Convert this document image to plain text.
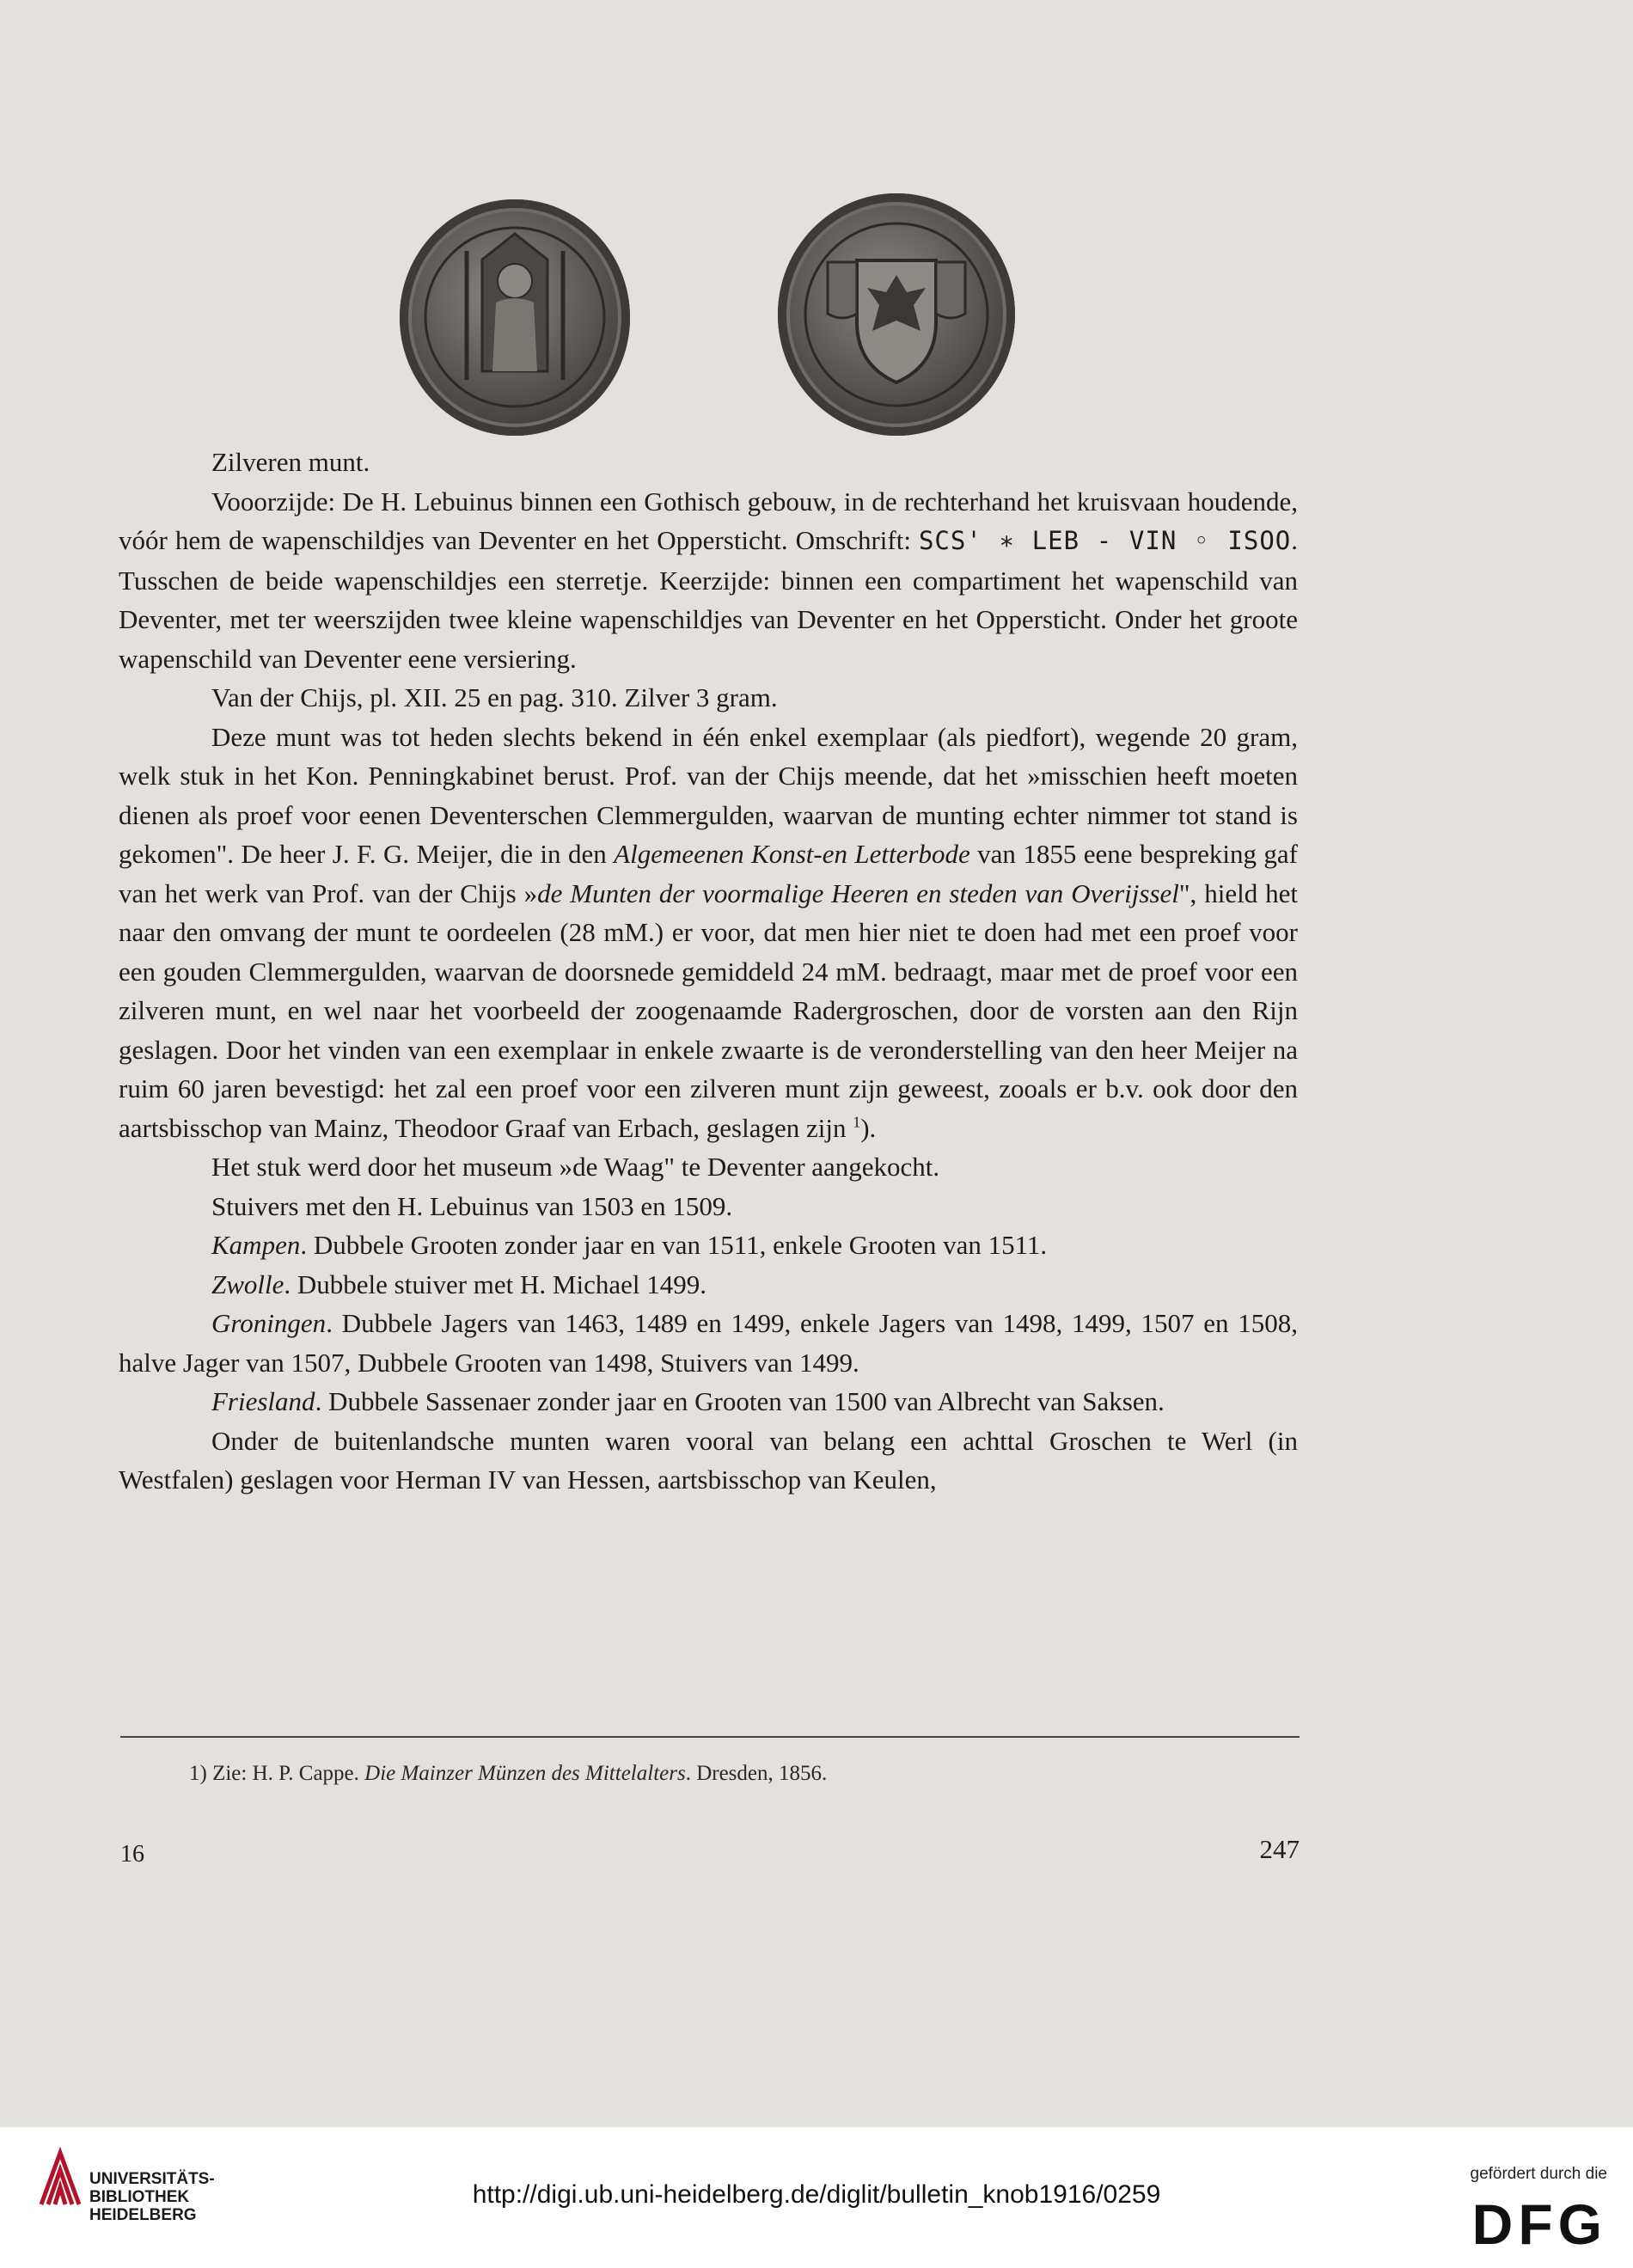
Zilveren munt.

Vooorzijde: De H. Lebuinus binnen een Gothisch gebouw, in de rechterhand het kruisvaan houdende, vóór hem de wapenschildjes van Deventer en het Oppersticht. Omschrift: SCS' ∗ LEB - VIN ◦ ISOO. Tusschen de beide wapenschildjes een sterretje. Keerzijde: binnen een compartiment het wapenschild van Deventer, met ter weerszijden twee kleine wapenschildjes van Deventer en het Oppersticht. Onder het groote wapenschild van Deventer eene versiering.

Van der Chijs, pl. XII. 25 en pag. 310. Zilver 3 gram.

Deze munt was tot heden slechts bekend in één enkel exemplaar (als piedfort), wegende 20 gram, welk stuk in het Kon. Penningkabinet berust. Prof. van der Chijs meende, dat het »misschien heeft moeten dienen als proef voor eenen Deventerschen Clemmergulden, waarvan de munting echter nimmer tot stand is gekomen". De heer J. F. G. Meijer, die in den Algemeenen Konst-en Letterbode van 1855 eene bespreking gaf van het werk van Prof. van der Chijs »de Munten der voormalige Heeren en steden van Overijssel", hield het naar den omvang der munt te oordeelen (28 mM.) er voor, dat men hier niet te doen had met een proef voor een gouden Clemmergulden, waarvan de doorsnede gemiddeld 24 mM. bedraagt, maar met de proef voor een zilveren munt, en wel naar het voorbeeld der zoogenaamde Radergroschen, door de vorsten aan den Rijn geslagen. Door het vinden van een exemplaar in enkele zwaarte is de veronderstelling van den heer Meijer na ruim 60 jaren bevestigd: het zal een proef voor een zilveren munt zijn geweest, zooals er b.v. ook door den aartsbisschop van Mainz, Theodoor Graaf van Erbach, geslagen zijn $^1$).

Het stuk werd door het museum »de Waag" te Deventer aangekocht.

Stuivers met den H. Lebuinus van 1503 en 1509.

Kampen. Dubbele Grooten zonder jaar en van 1511, enkele Grooten van 1511.

Zwolle. Dubbele stuiver met H. Michael 1499.

Groningen. Dubbele Jagers van 1463, 1489 en 1499, enkele Jagers van 1498, 1499, 1507 en 1508, halve Jager van 1507, Dubbele Grooten van 1498, Stuivers van 1499.

Friesland. Dubbele Sassenaer zonder jaar en Grooten van 1500 van Albrecht van Saksen.

Onder de buitenlandsche munten waren vooral van belang een achttal Groschen te Werl (in Westfalen) geslagen voor Herman IV van Hessen, aartsbisschop van Keulen,

1) Zie: H. P. Cappe. Die Mainzer Münzen des Mittelalters. Dresden, 1856.
16	247
UNIVERSITÄTS-
BIBLIOTHEK
HEIDELBERG
http://digi.ub.uni-heidelberg.de/diglit/bulletin_knob1916/0259
gefördert durch die
DFG
